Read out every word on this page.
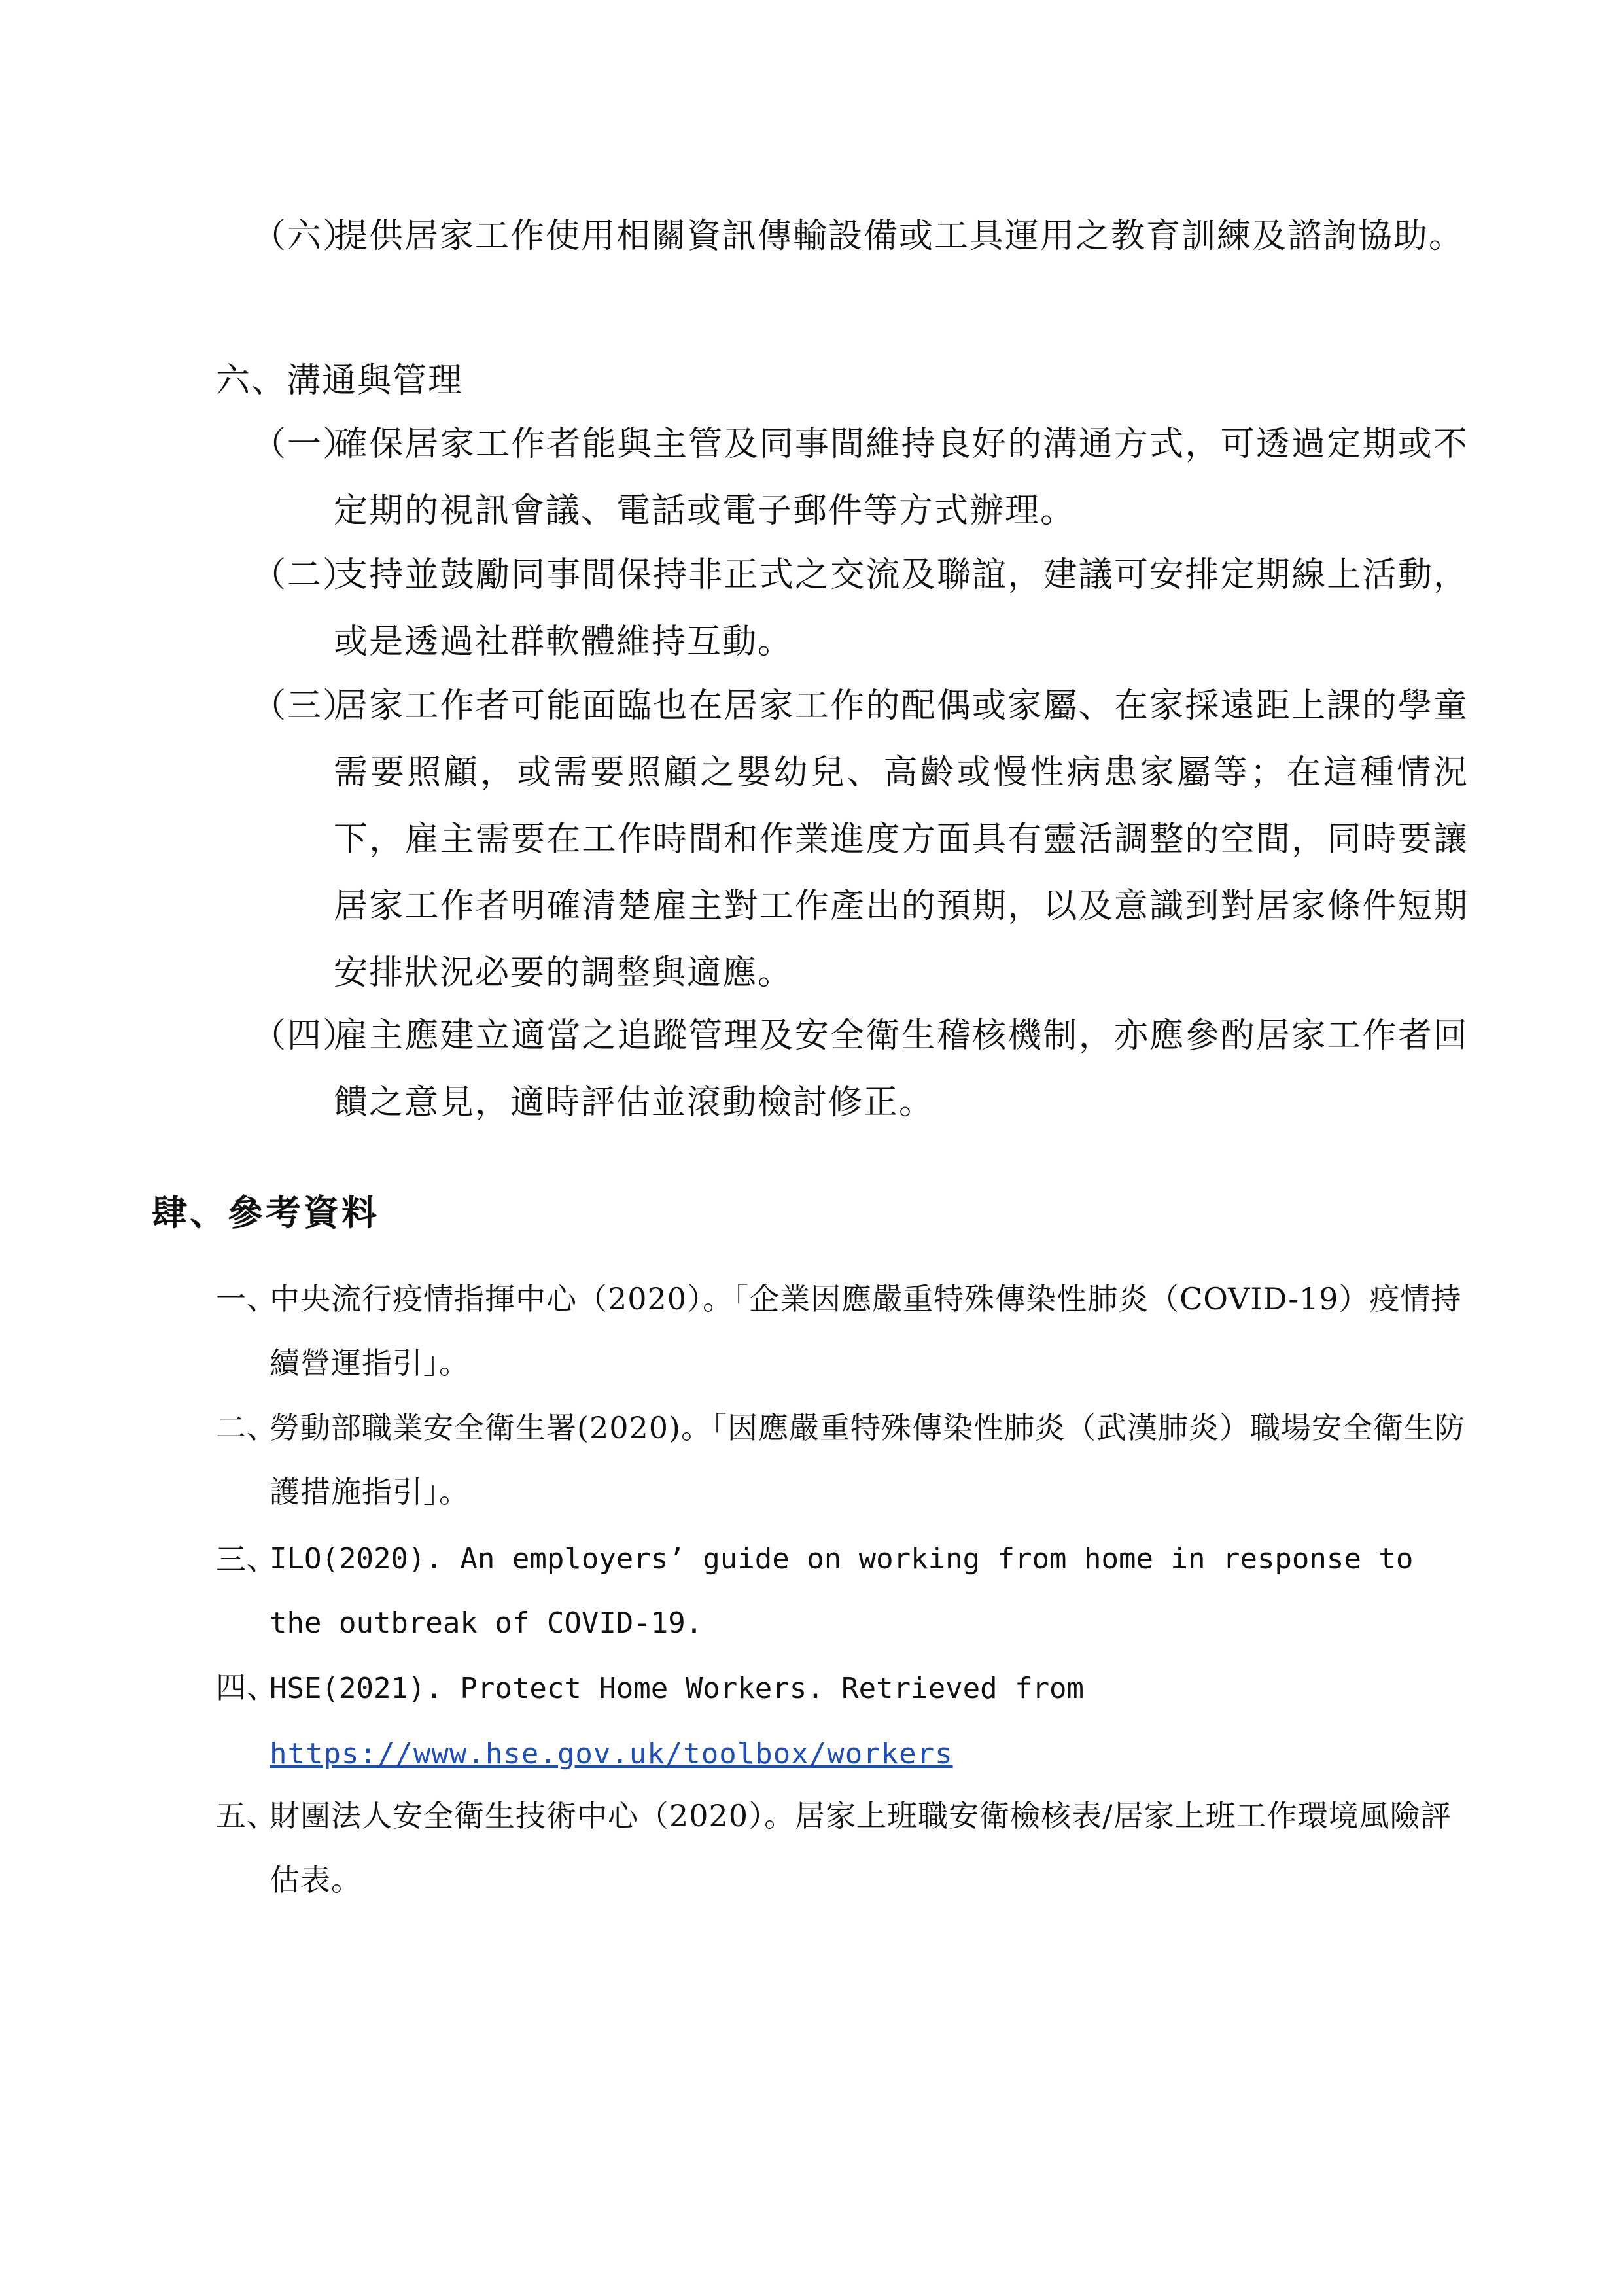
（六）
提供居家工作使用相關資訊傳輸設備或工具運用之教育訓練及諮詢協助。
六、溝通與管理
（一）
確保居家工作者能與主管及同事間維持良好的溝通方式，可透過定期或不定期的視訊會議、電話或電子郵件等方式辦理。
（二）
支持並鼓勵同事間保持非正式之交流及聯誼，建議可安排定期線上活動，或是透過社群軟體維持互動。
（三）
居家工作者可能面臨也在居家工作的配偶或家屬、在家採遠距上課的學童需要照顧，或需要照顧之嬰幼兒、高齡或慢性病患家屬等；在這種情況下，雇主需要在工作時間和作業進度方面具有靈活調整的空間，同時要讓居家工作者明確清楚雇主對工作產出的預期，以及意識到對居家條件短期安排狀況必要的調整與適應。
（四）
雇主應建立適當之追蹤管理及安全衛生稽核機制，亦應參酌居家工作者回饋之意見，適時評估並滾動檢討修正。
肆、參考資料
一、
中央流行疫情指揮中心（2020）。「企業因應嚴重特殊傳染性肺炎（COVID-19）疫情持續營運指引」。
二、
勞動部職業安全衛生署(2020)。「因應嚴重特殊傳染性肺炎（武漢肺炎）職場安全衛生防護措施指引」。
三、
ILO(2020). An employers’ guide on working from home in response to the outbreak of COVID-19.
四、
HSE(2021). Protect Home Workers. Retrieved from
https://www.hse.gov.uk/toolbox/workers
五、
財團法人安全衛生技術中心（2020）。居家上班職安衛檢核表/居家上班工作環境風險評估表。
